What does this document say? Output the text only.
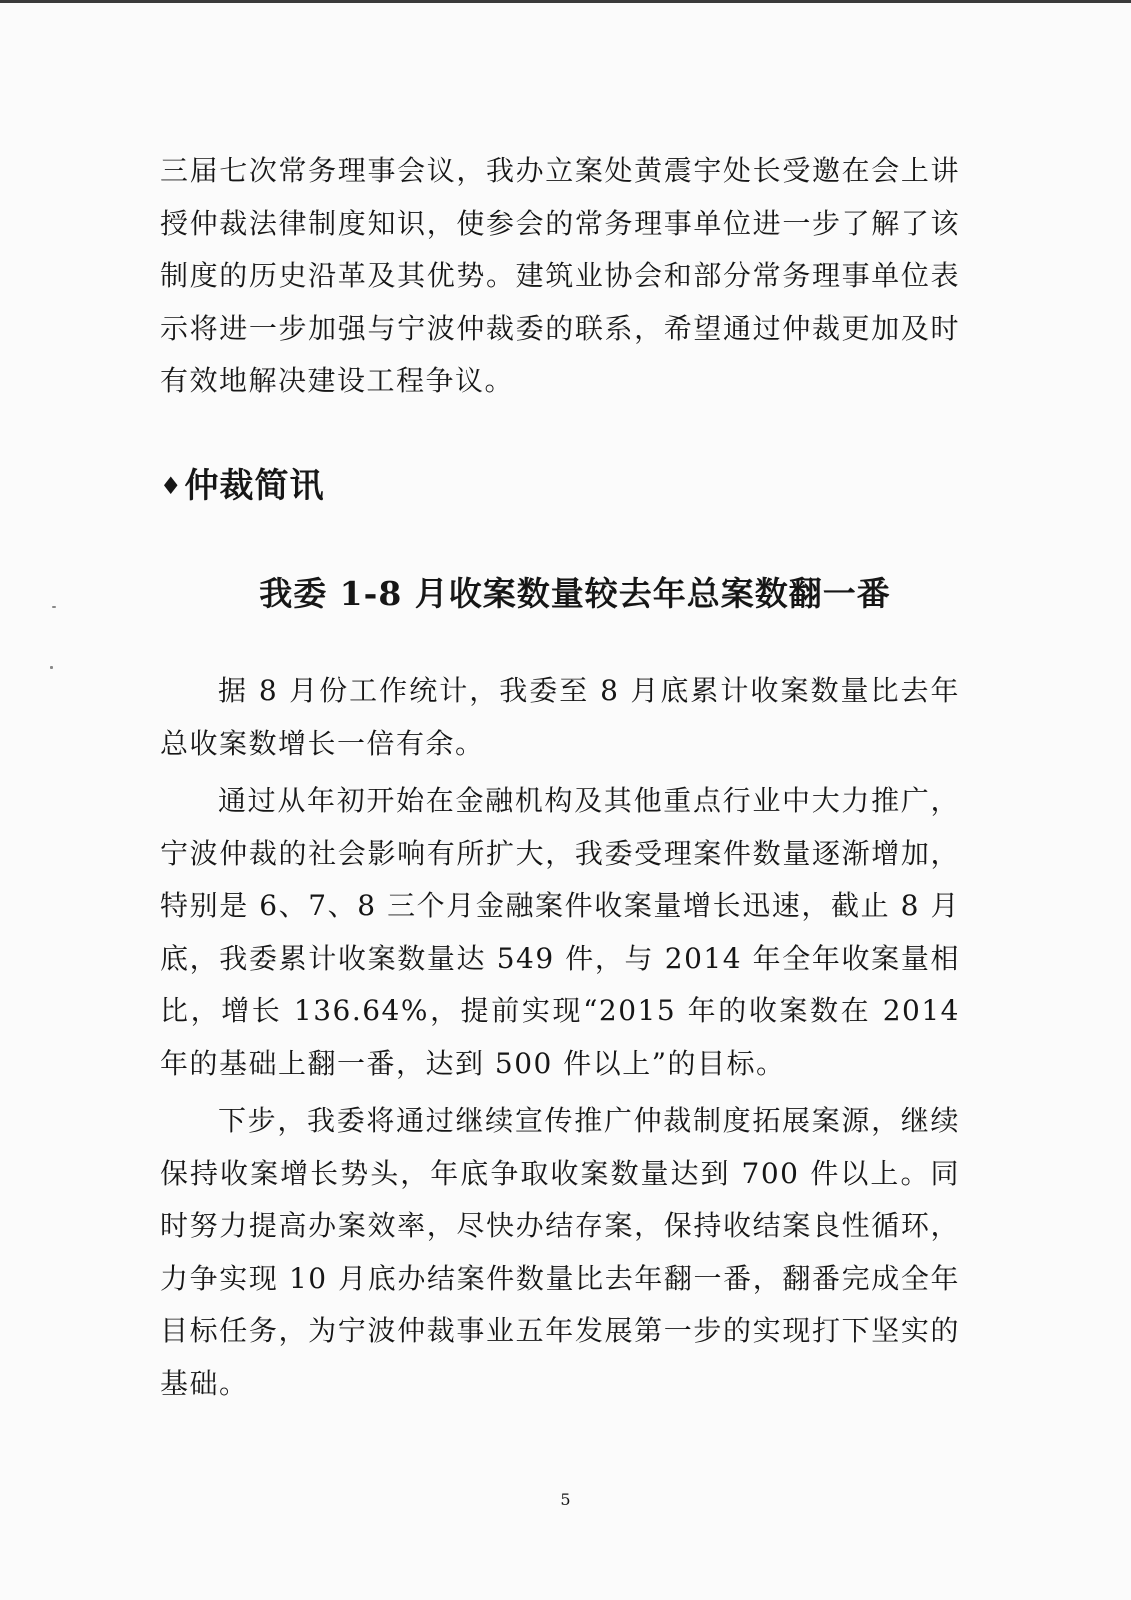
三届七次常务理事会议，我办立案处黄震宇处长受邀在会上讲授仲裁法律制度知识，使参会的常务理事单位进一步了解了该制度的历史沿革及其优势。建筑业协会和部分常务理事单位表示将进一步加强与宁波仲裁委的联系，希望通过仲裁更加及时有效地解决建设工程争议。

♦仲裁简讯
我委 1-8 月收案数量较去年总案数翻一番

据 8 月份工作统计，我委至 8 月底累计收案数量比去年总收案数增长一倍有余。

通过从年初开始在金融机构及其他重点行业中大力推广，宁波仲裁的社会影响有所扩大，我委受理案件数量逐渐增加，特别是 6、7、8 三个月金融案件收案量增长迅速，截止 8 月底，我委累计收案数量达 549 件，与 2014 年全年收案量相比，增长 136.64%，提前实现“2015 年的收案数在 2014 年的基础上翻一番，达到 500 件以上”的目标。

下步，我委将通过继续宣传推广仲裁制度拓展案源，继续保持收案增长势头，年底争取收案数量达到 700 件以上。同时努力提高办案效率，尽快办结存案，保持收结案良性循环，力争实现 10 月底办结案件数量比去年翻一番，翻番完成全年目标任务，为宁波仲裁事业五年发展第一步的实现打下坚实的基础。

5
